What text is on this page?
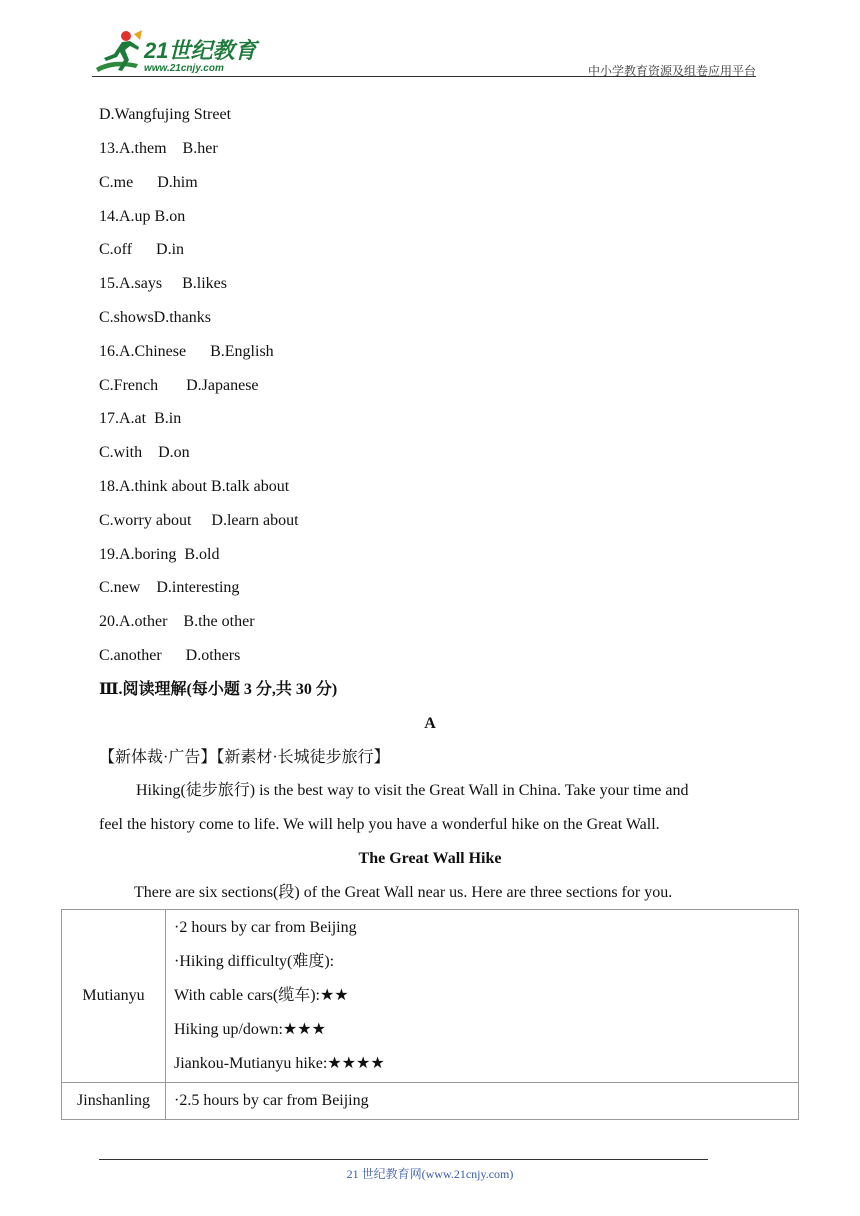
21世纪教育
www.21cnjy.com	中小学教育资源及组卷应用平台
D.Wangfujing Street
13.A.them    B.her
C.me      D.him
14.A.up B.on
C.off      D.in
15.A.says     B.likes
C.showsD.thanks
16.A.Chinese      B.English
C.French       D.Japanese
17.A.at  B.in
C.with    D.on
18.A.think about B.talk about
C.worry about     D.learn about
19.A.boring  B.old
C.new    D.interesting
20.A.other    B.the other
C.another      D.others
Ⅲ.阅读理解(每小题 3 分,共 30 分)
A
【新体裁·广告】【新素材·长城徒步旅行】
Hiking(徒步旅行) is the best way to visit the Great Wall in China. Take your time and
feel the history come to life. We will help you have a wonderful hike on the Great Wall.
The Great Wall Hike
There are six sections(段) of the Great Wall near us. Here are three sections for you.
Mutianyu	·2 hours by car from Beijing
·Hiking difficulty(难度):
With cable cars(缆车):★★
Hiking up/down:★★★
Jiankou-Mutianyu hike:★★★★

Jinshanling	·2.5 hours by car from Beijing
21 世纪教育网(www.21cnjy.com)
